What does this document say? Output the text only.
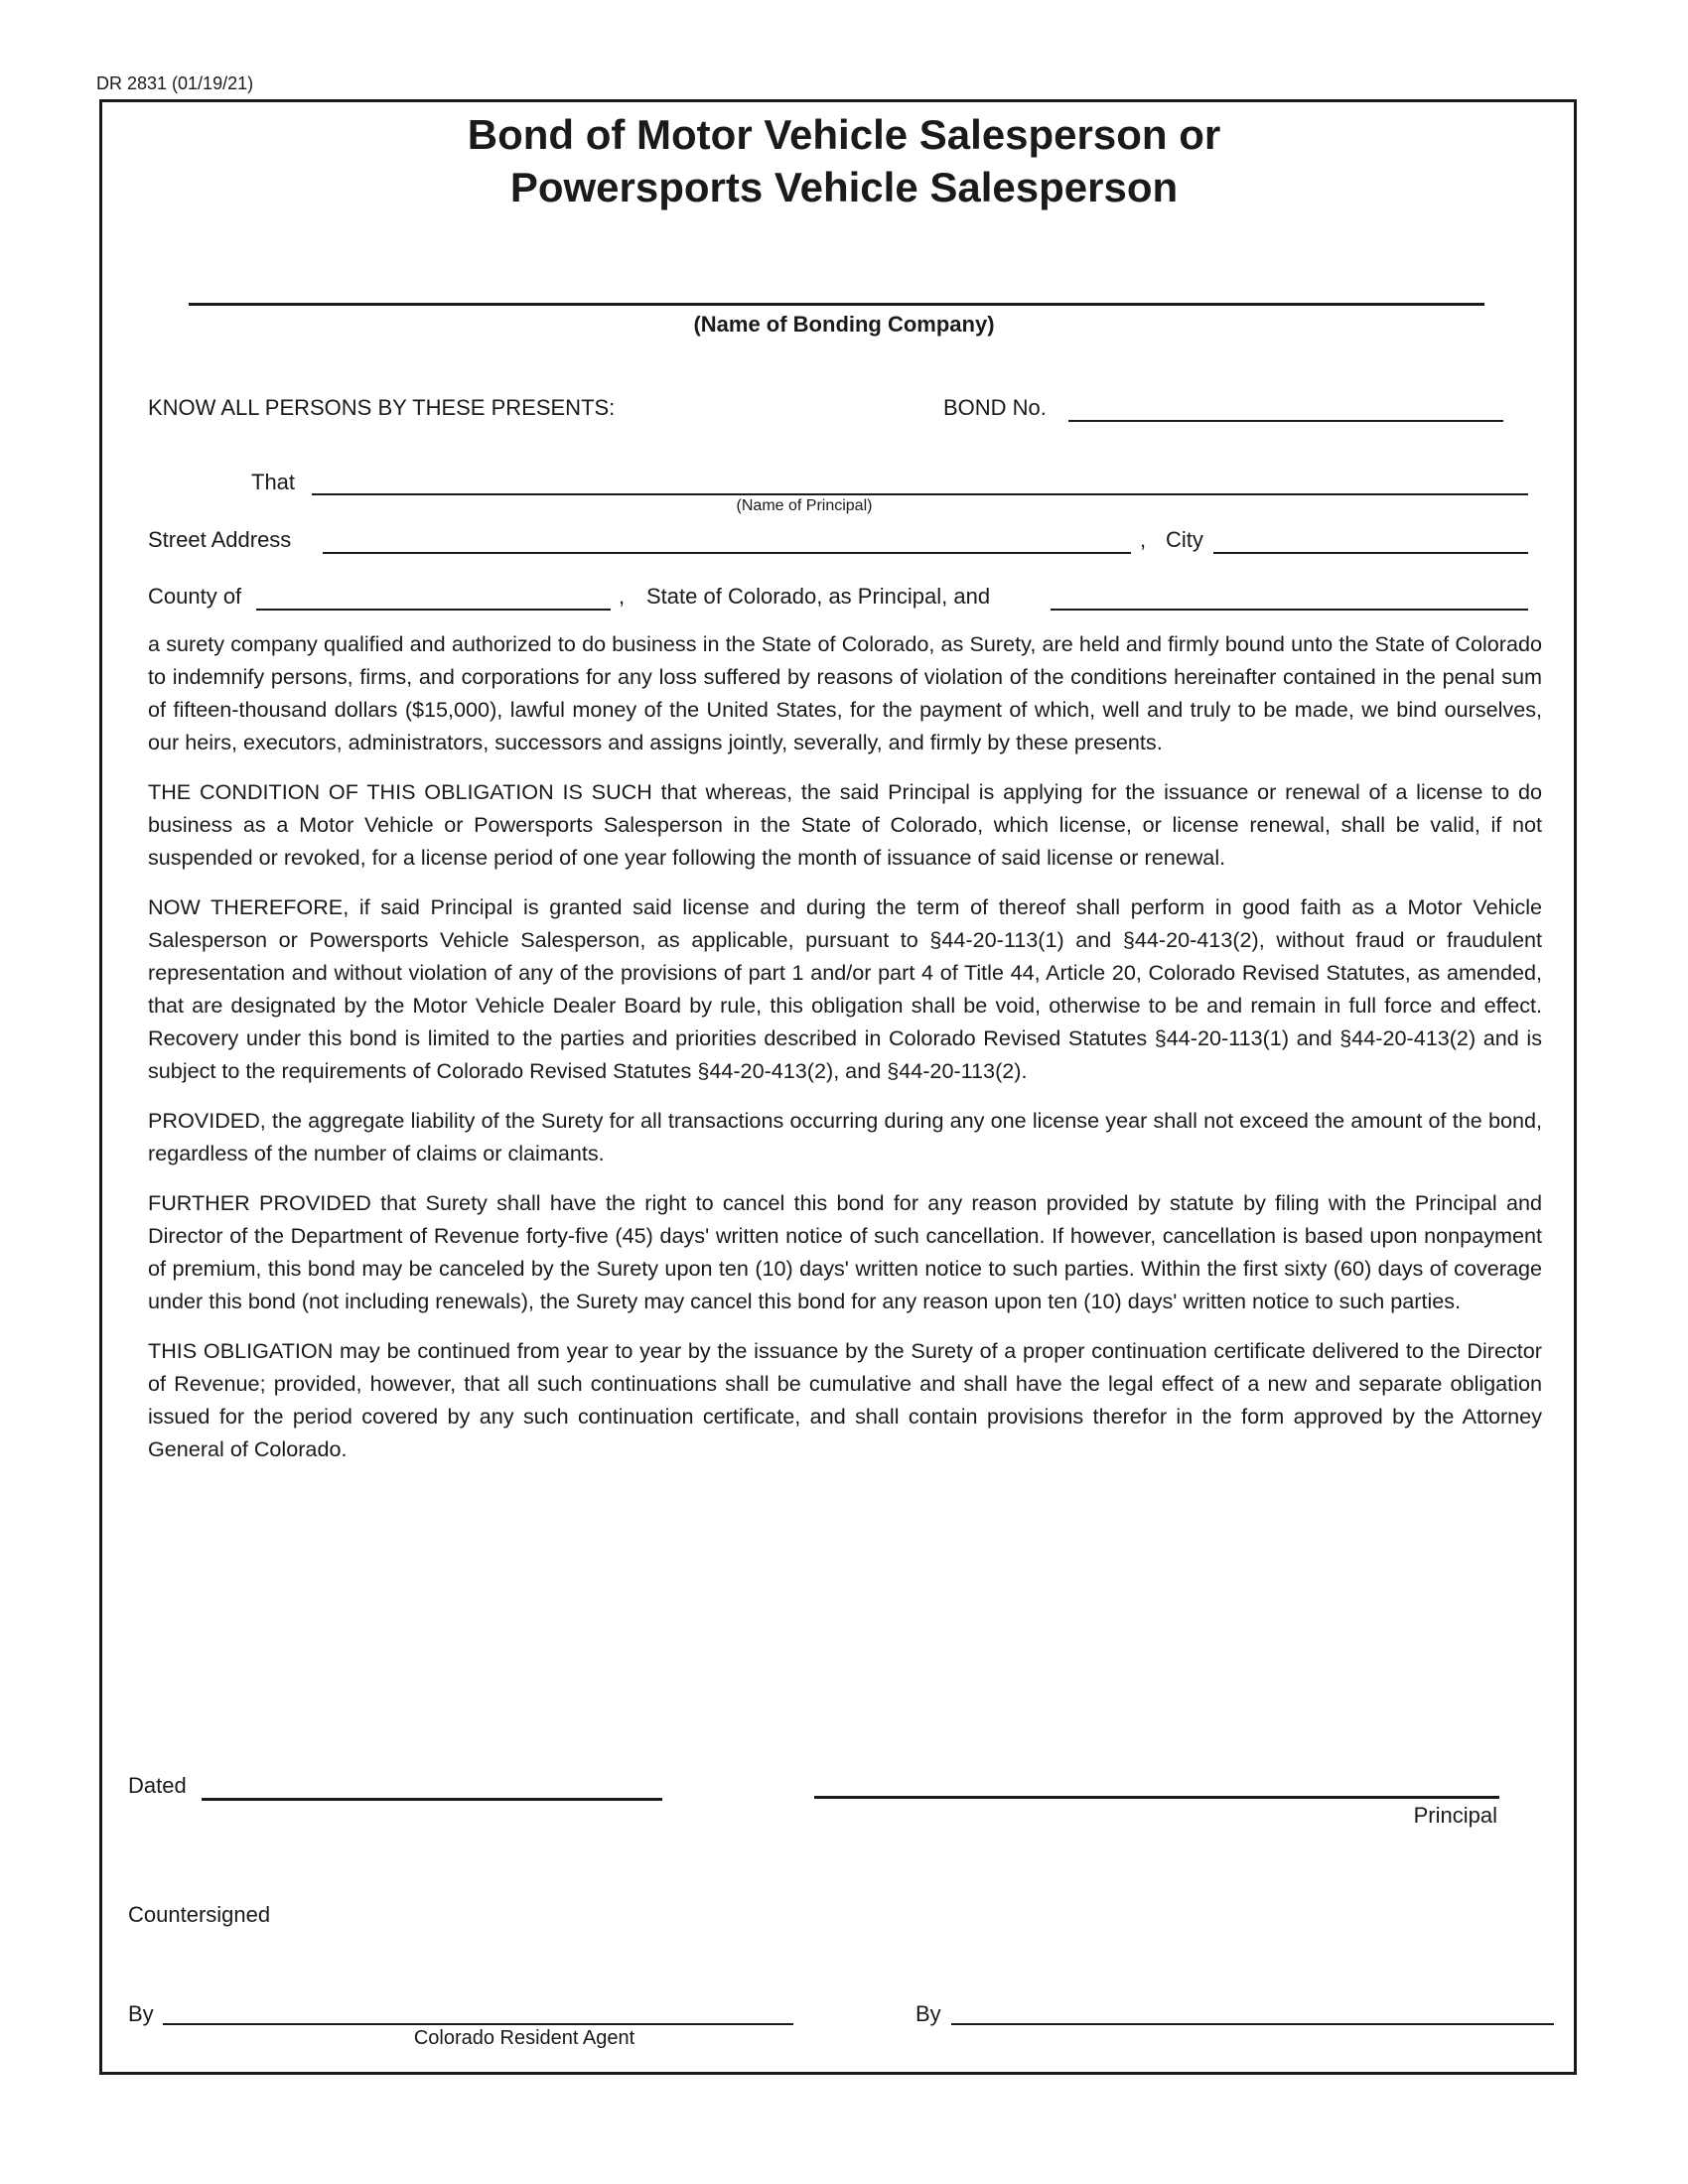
DR 2831 (01/19/21)
Bond of Motor Vehicle Salesperson or
Powersports Vehicle Salesperson
(Name of Bonding Company)
KNOW ALL PERSONS BY THESE PRESENTS:	BOND No.
That
(Name of Principal)
Street Address	, City
County of	, State of Colorado, as Principal, and

a surety company qualified and authorized to do business in the State of Colorado, as Surety, are held and firmly bound unto the State of Colorado to indemnify persons, firms, and corporations for any loss suffered by reasons of violation of the conditions hereinafter contained in the penal sum of fifteen-thousand dollars ($15,000), lawful money of the United States, for the payment of which, well and truly to be made, we bind ourselves, our heirs, executors, administrators, successors and assigns jointly, severally, and firmly by these presents.

THE CONDITION OF THIS OBLIGATION IS SUCH that whereas, the said Principal is applying for the issuance or renewal of a license to do business as a Motor Vehicle or Powersports Salesperson in the State of Colorado, which license, or license renewal, shall be valid, if not suspended or revoked, for a license period of one year following the month of issuance of said license or renewal.

NOW THEREFORE, if said Principal is granted said license and during the term of thereof shall perform in good faith as a Motor Vehicle Salesperson or Powersports Vehicle Salesperson, as applicable, pursuant to §44-20-113(1) and §44-20-413(2), without fraud or fraudulent representation and without violation of any of the provisions of part 1 and/or part 4 of Title 44, Article 20, Colorado Revised Statutes, as amended, that are designated by the Motor Vehicle Dealer Board by rule, this obligation shall be void, otherwise to be and remain in full force and effect. Recovery under this bond is limited to the parties and priorities described in Colorado Revised Statutes §44-20-113(1) and §44-20-413(2) and is subject to the requirements of Colorado Revised Statutes §44-20-413(2), and §44-20-113(2).

PROVIDED, the aggregate liability of the Surety for all transactions occurring during any one license year shall not exceed the amount of the bond, regardless of the number of claims or claimants.

FURTHER PROVIDED that Surety shall have the right to cancel this bond for any reason provided by statute by filing with the Principal and Director of the Department of Revenue forty-five (45) days' written notice of such cancellation. If however, cancellation is based upon nonpayment of premium, this bond may be canceled by the Surety upon ten (10) days' written notice to such parties. Within the first sixty (60) days of coverage under this bond (not including renewals), the Surety may cancel this bond for any reason upon ten (10) days' written notice to such parties.

THIS OBLIGATION may be continued from year to year by the issuance by the Surety of a proper continuation certificate delivered to the Director of Revenue; provided, however, that all such continuations shall be cumulative and shall have the legal effect of a new and separate obligation issued for the period covered by any such continuation certificate, and shall contain provisions therefor in the form approved by the Attorney General of Colorado.

Dated
Principal
Countersigned
By
Colorado Resident Agent
By
